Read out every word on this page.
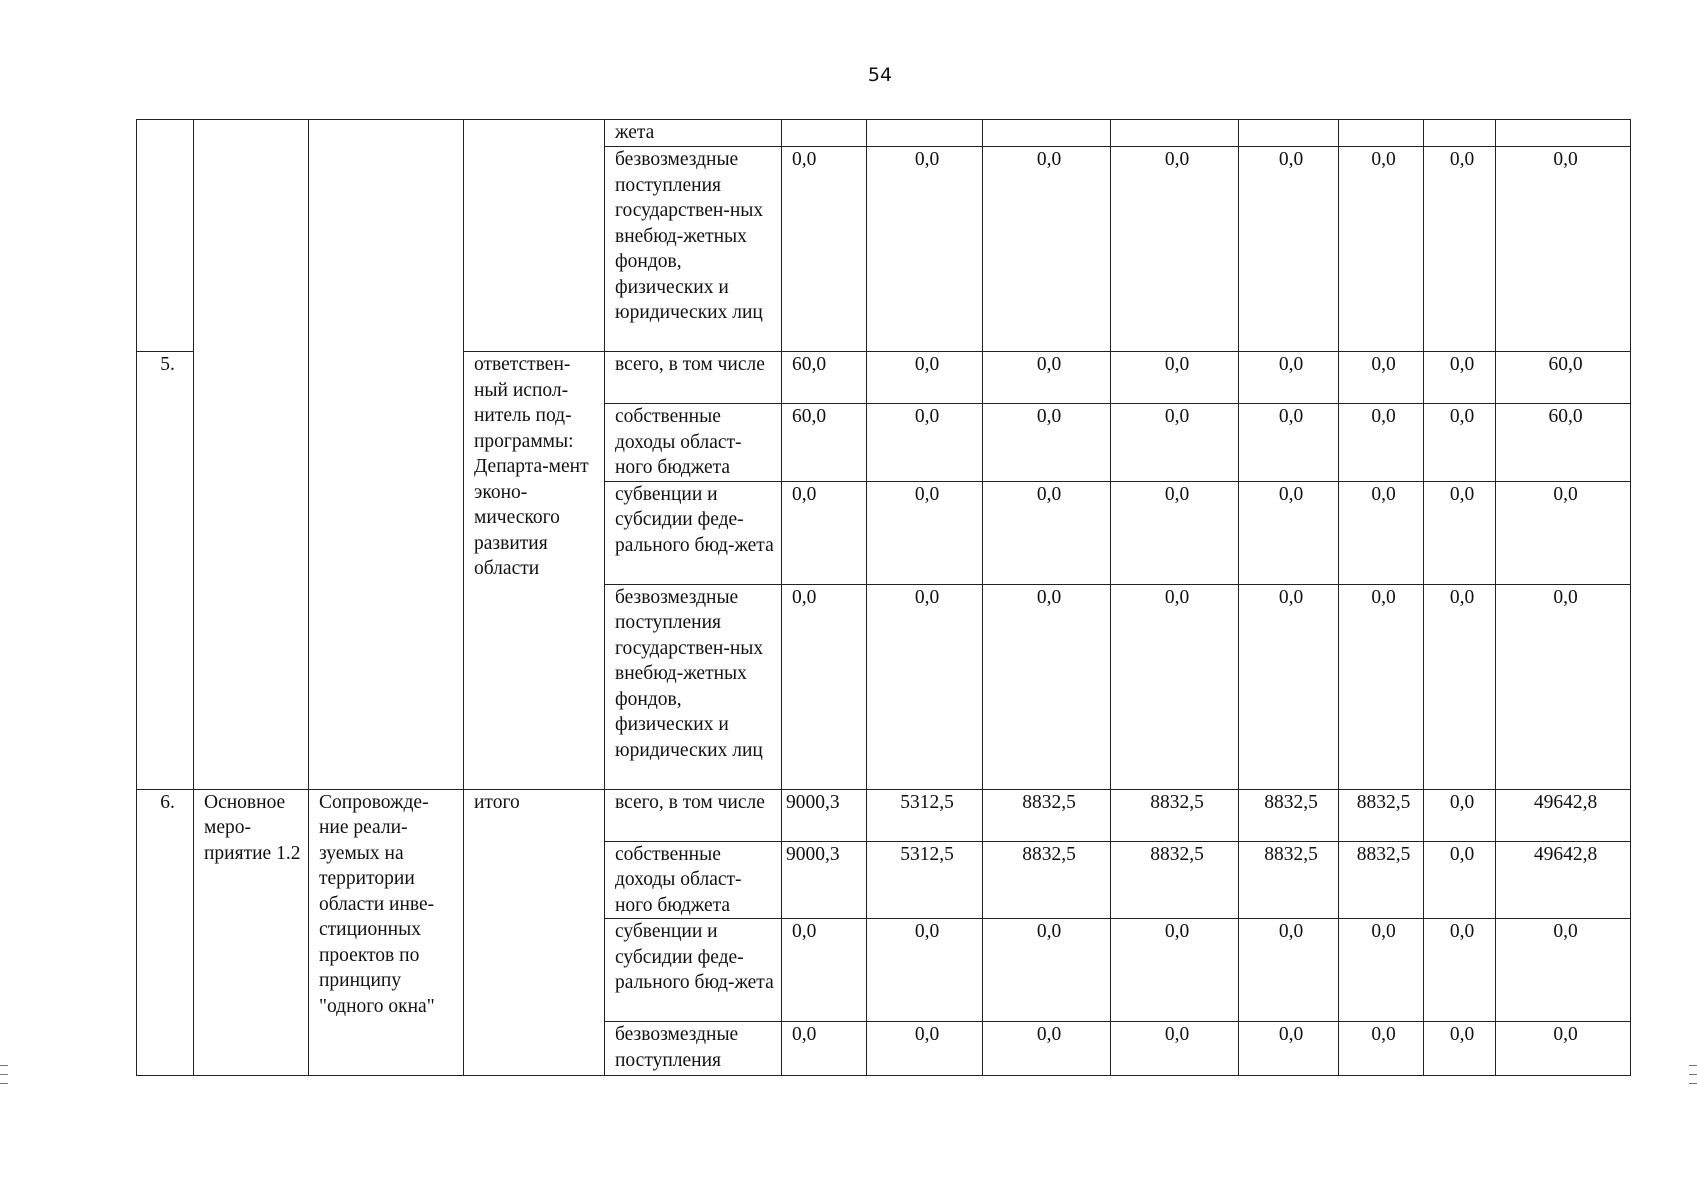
54
				жета								
				безвозмездные поступления государствен-ных внебюд-жетных фондов, физических и юридических лиц	0,0	0,0	0,0	0,0	0,0	0,0	0,0	0,0
5.			ответствен-ный испол-нитель под-программы: Департа-мент эконо-мического развития области	всего, в том числе	60,0	0,0	0,0	0,0	0,0	0,0	0,0	60,0
				собственные доходы област-ного бюджета	60,0	0,0	0,0	0,0	0,0	0,0	0,0	60,0
				субвенции и субсидии феде-рального бюд-жета	0,0	0,0	0,0	0,0	0,0	0,0	0,0	0,0
				безвозмездные поступления государствен-ных внебюд-жетных фондов, физических и юридических лиц	0,0	0,0	0,0	0,0	0,0	0,0	0,0	0,0
6.	Основное меро-приятие 1.2	Сопровожде-ние реали-зуемых на территории области инве-стиционных проектов по принципу "одного окна"	итого	всего, в том числе	9000,3	5312,5	8832,5	8832,5	8832,5	8832,5	0,0	49642,8
				собственные доходы област-ного бюджета	9000,3	5312,5	8832,5	8832,5	8832,5	8832,5	0,0	49642,8
				субвенции и субсидии феде-рального бюд-жета	0,0	0,0	0,0	0,0	0,0	0,0	0,0	0,0
				безвозмездные поступления	0,0	0,0	0,0	0,0	0,0	0,0	0,0	0,0
